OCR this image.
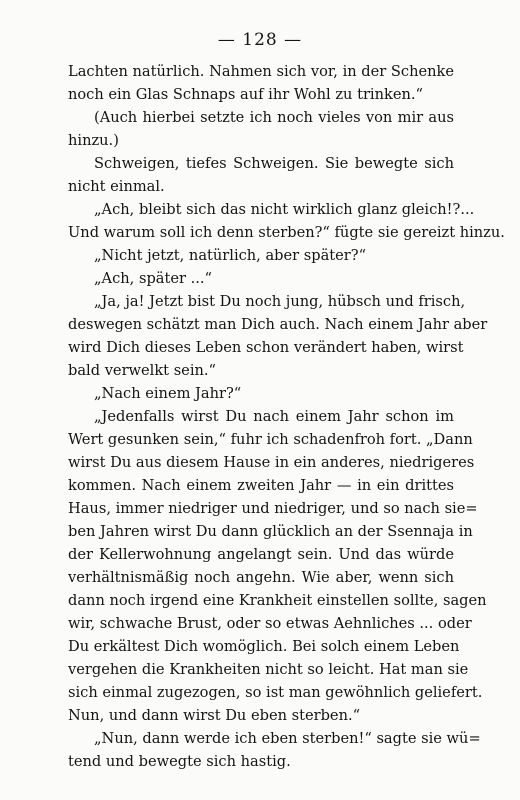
— 128 —
Lachten natürlich. Nahmen sich vor, in der Schenke
noch ein Glas Schnaps auf ihr Wohl zu trinken.“
(Auch hierbei setzte ich noch vieles von mir aus
hinzu.)
Schweigen, tiefes Schweigen. Sie bewegte sich
nicht einmal.
„Ach, bleibt sich das nicht wirklich glanz gleich!?...
Und warum soll ich denn sterben?“ fügte sie gereizt hinzu.
„Nicht jetzt, natürlich, aber später?“
„Ach, später ...“
„Ja, ja! Jetzt bist Du noch jung, hübsch und frisch,
deswegen schätzt man Dich auch. Nach einem Jahr aber
wird Dich dieses Leben schon verändert haben, wirst
bald verwelkt sein.“
„Nach einem Jahr?“
„Jedenfalls wirst Du nach einem Jahr schon im
Wert gesunken sein,“ fuhr ich schadenfroh fort. „Dann
wirst Du aus diesem Hause in ein anderes, niedrigeres
kommen. Nach einem zweiten Jahr — in ein drittes
Haus, immer niedriger und niedriger, und so nach sie=
ben Jahren wirst Du dann glücklich an der Ssennaja in
der Kellerwohnung angelangt sein. Und das würde
verhältnismäßig noch angehn. Wie aber, wenn sich
dann noch irgend eine Krankheit einstellen sollte, sagen
wir, schwache Brust, oder so etwas Aehnliches ... oder
Du erkältest Dich womöglich. Bei solch einem Leben
vergehen die Krankheiten nicht so leicht. Hat man sie
sich einmal zugezogen, so ist man gewöhnlich geliefert.
Nun, und dann wirst Du eben sterben.“
„Nun, dann werde ich eben sterben!“ sagte sie wü=
tend und bewegte sich hastig.
